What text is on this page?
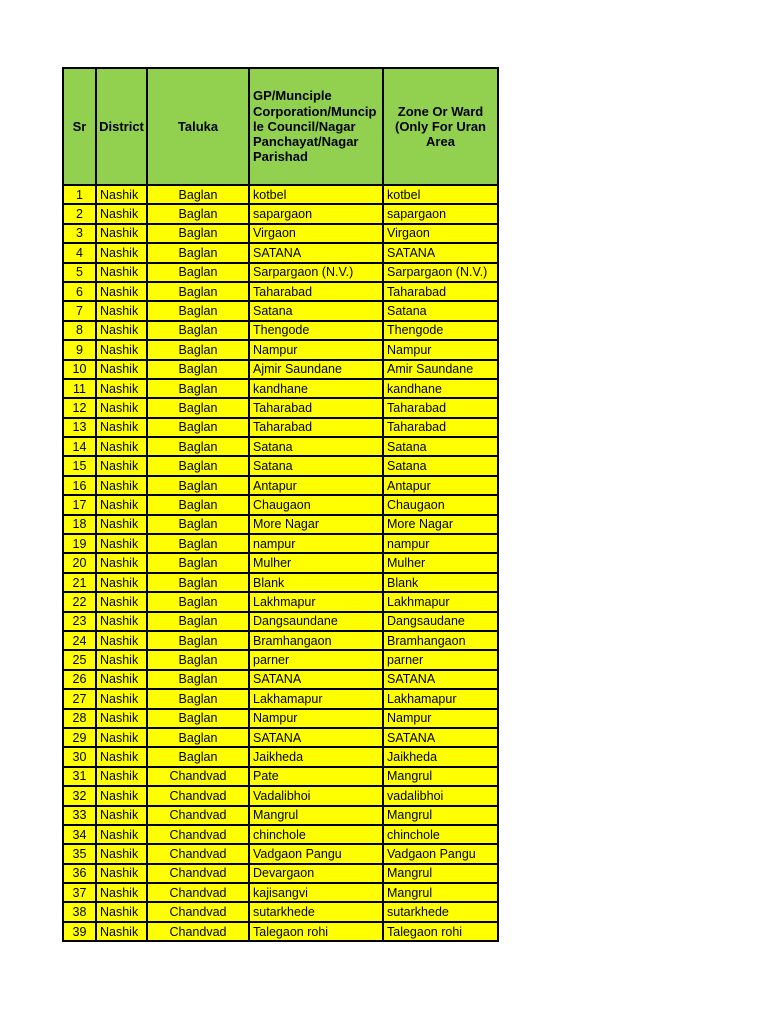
Sr	District	Taluka	GP/Munciple Corporation/Munciple Council/Nagar Panchayat/Nagar Parishad	Zone Or Ward (Only For Uran Area
1	Nashik	Baglan	kotbel	kotbel
2	Nashik	Baglan	sapargaon	sapargaon
3	Nashik	Baglan	Virgaon	Virgaon
4	Nashik	Baglan	SATANA	SATANA
5	Nashik	Baglan	Sarpargaon (N.V.)	Sarpargaon (N.V.)
6	Nashik	Baglan	Taharabad	Taharabad
7	Nashik	Baglan	Satana	Satana
8	Nashik	Baglan	Thengode	Thengode
9	Nashik	Baglan	Nampur	Nampur
10	Nashik	Baglan	Ajmir Saundane	Amir Saundane
11	Nashik	Baglan	kandhane	kandhane
12	Nashik	Baglan	Taharabad	Taharabad
13	Nashik	Baglan	Taharabad	Taharabad
14	Nashik	Baglan	Satana	Satana
15	Nashik	Baglan	Satana	Satana
16	Nashik	Baglan	Antapur	Antapur
17	Nashik	Baglan	Chaugaon	Chaugaon
18	Nashik	Baglan	More Nagar	More Nagar
19	Nashik	Baglan	nampur	nampur
20	Nashik	Baglan	Mulher	Mulher
21	Nashik	Baglan	Blank	Blank
22	Nashik	Baglan	Lakhmapur	Lakhmapur
23	Nashik	Baglan	Dangsaundane	Dangsaudane
24	Nashik	Baglan	Bramhangaon	Bramhangaon
25	Nashik	Baglan	parner	parner
26	Nashik	Baglan	SATANA	SATANA
27	Nashik	Baglan	Lakhamapur	Lakhamapur
28	Nashik	Baglan	Nampur	Nampur
29	Nashik	Baglan	SATANA	SATANA
30	Nashik	Baglan	Jaikheda	Jaikheda
31	Nashik	Chandvad	Pate	Mangrul
32	Nashik	Chandvad	Vadalibhoi	vadalibhoi
33	Nashik	Chandvad	Mangrul	Mangrul
34	Nashik	Chandvad	chinchole	chinchole
35	Nashik	Chandvad	Vadgaon Pangu	Vadgaon Pangu
36	Nashik	Chandvad	Devargaon	Mangrul
37	Nashik	Chandvad	kajisangvi	Mangrul
38	Nashik	Chandvad	sutarkhede	sutarkhede
39	Nashik	Chandvad	Talegaon rohi	Talegaon rohi
